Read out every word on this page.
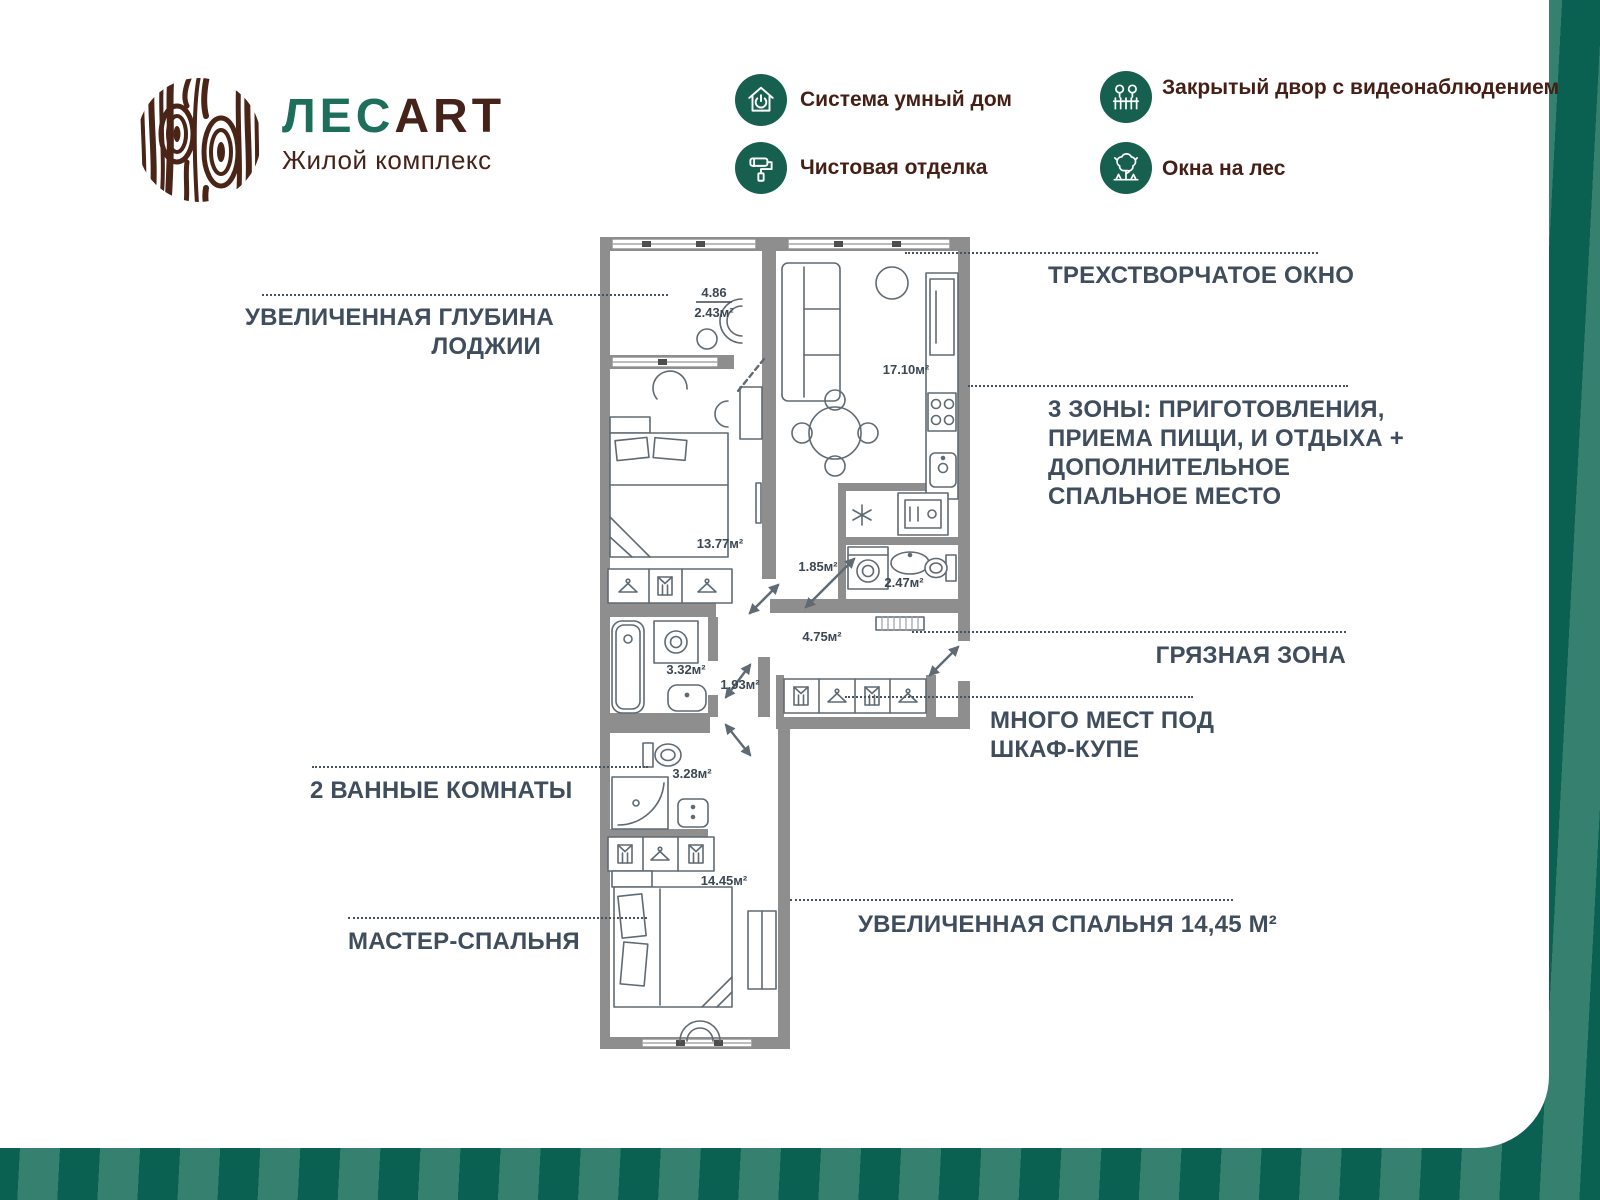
ЛЕСART
Жилой комплекс
Система умный дом
Чистовая отделка
Закрытый двор с видеонаблюдением
Окна на лес
4.86
2.43м²
17.10м²
13.77м²
1.85м²
2.47м²
3.32м²
4.75м²
1.93м²
3.28м²
14.45м²
УВЕЛИЧЕННАЯ ГЛУБИНА
ЛОДЖИИ
ТРЕХСТВОРЧАТОЕ ОКНО
3 ЗОНЫ: ПРИГОТОВЛЕНИЯ,
ПРИЕМА ПИЩИ, И ОТДЫХА +
ДОПОЛНИТЕЛЬНОЕ
СПАЛЬНОЕ МЕСТО
ГРЯЗНАЯ ЗОНА
МНОГО МЕСТ ПОД
ШКАФ-КУПЕ
2 ВАННЫЕ КОМНАТЫ
МАСТЕР-СПАЛЬНЯ
УВЕЛИЧЕННАЯ СПАЛЬНЯ 14,45 М²
